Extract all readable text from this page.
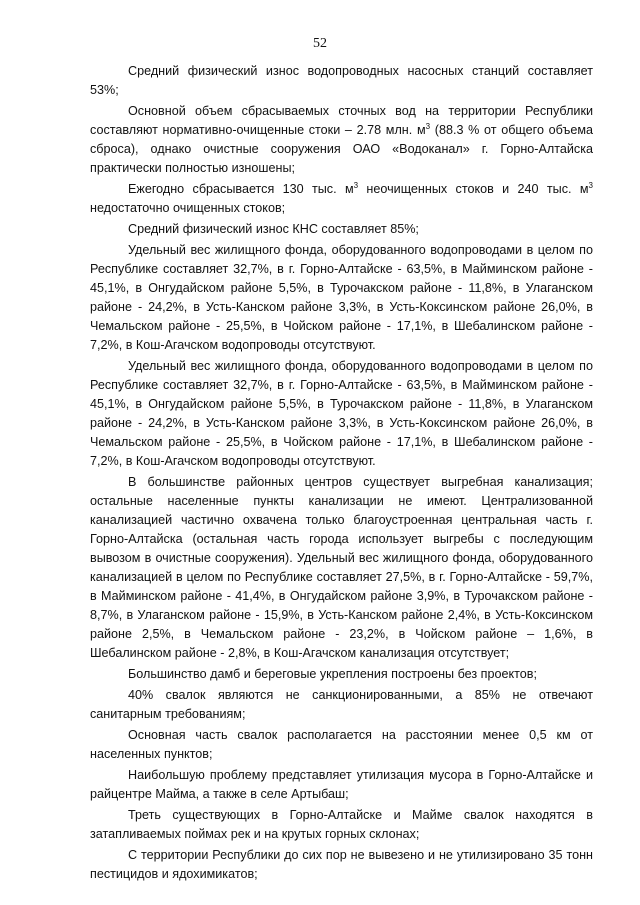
52

Средний физический износ водопроводных насосных станций составляет 53%;

Основной объем сбрасываемых сточных вод на территории Республики составляют нормативно-очищенные стоки – 2.78 млн. $м^3$ (88.3 % от общего объема сброса), однако очистные сооружения ОАО «Водоканал» г. Горно-Алтайска практически полностью изношены;

Ежегодно сбрасывается 130 тыс. $м^3$ неочищенных стоков и 240 тыс. $м^3$ недостаточно очищенных стоков;

Средний физический износ КНС составляет 85%;

Удельный вес жилищного фонда, оборудованного водопроводами в целом по Республике составляет 32,7%, в г. Горно-Алтайске - 63,5%, в Майминском районе - 45,1%, в Онгудайском районе 5,5%, в Турочакском районе - 11,8%, в Улаганском районе - 24,2%, в Усть-Канском районе 3,3%, в Усть-Коксинском районе 26,0%, в Чемальском районе - 25,5%, в Чойском районе - 17,1%, в Шебалинском районе - 7,2%, в Кош-Агачском водопроводы отсутствуют.

Удельный вес жилищного фонда, оборудованного водопроводами в целом по Республике составляет 32,7%, в г. Горно-Алтайске - 63,5%, в Майминском районе - 45,1%, в Онгудайском районе 5,5%, в Турочакском районе - 11,8%, в Улаганском районе - 24,2%, в Усть-Канском районе 3,3%, в Усть-Коксинском районе 26,0%, в Чемальском районе - 25,5%, в Чойском районе - 17,1%, в Шебалинском районе - 7,2%, в Кош-Агачском водопроводы отсутствуют.

В большинстве районных центров существует выгребная канализация; остальные населенные пункты канализации не имеют. Централизованной канализацией частично охвачена только благоустроенная центральная часть г. Горно-Алтайска (остальная часть города использует выгребы с последующим вывозом в очистные сооружения). Удельный вес жилищного фонда, оборудованного канализацией в целом по Республике составляет 27,5%, в г. Горно-Алтайске - 59,7%, в Майминском районе - 41,4%, в Онгудайском районе 3,9%, в Турочакском районе - 8,7%, в Улаганском районе - 15,9%, в Усть-Канском районе 2,4%, в Усть-Коксинском районе 2,5%, в Чемальском районе - 23,2%, в Чойском районе – 1,6%, в Шебалинском районе - 2,8%, в Кош-Агачском канализация отсутствует;

Большинство дамб и береговые укрепления построены без проектов;

40% свалок являются не санкционированными, а 85% не отвечают санитарным требованиям;

Основная часть свалок располагается на расстоянии менее 0,5 км от населенных пунктов;

Наибольшую проблему представляет утилизация мусора в Горно-Алтайске и райцентре Майма, а также в селе Артыбаш;

Треть существующих в Горно-Алтайске и Майме свалок находятся в затапливаемых поймах рек и на крутых горных склонах;

С территории Республики до сих пор не вывезено и не утилизировано 35 тонн пестицидов и ядохимикатов;
